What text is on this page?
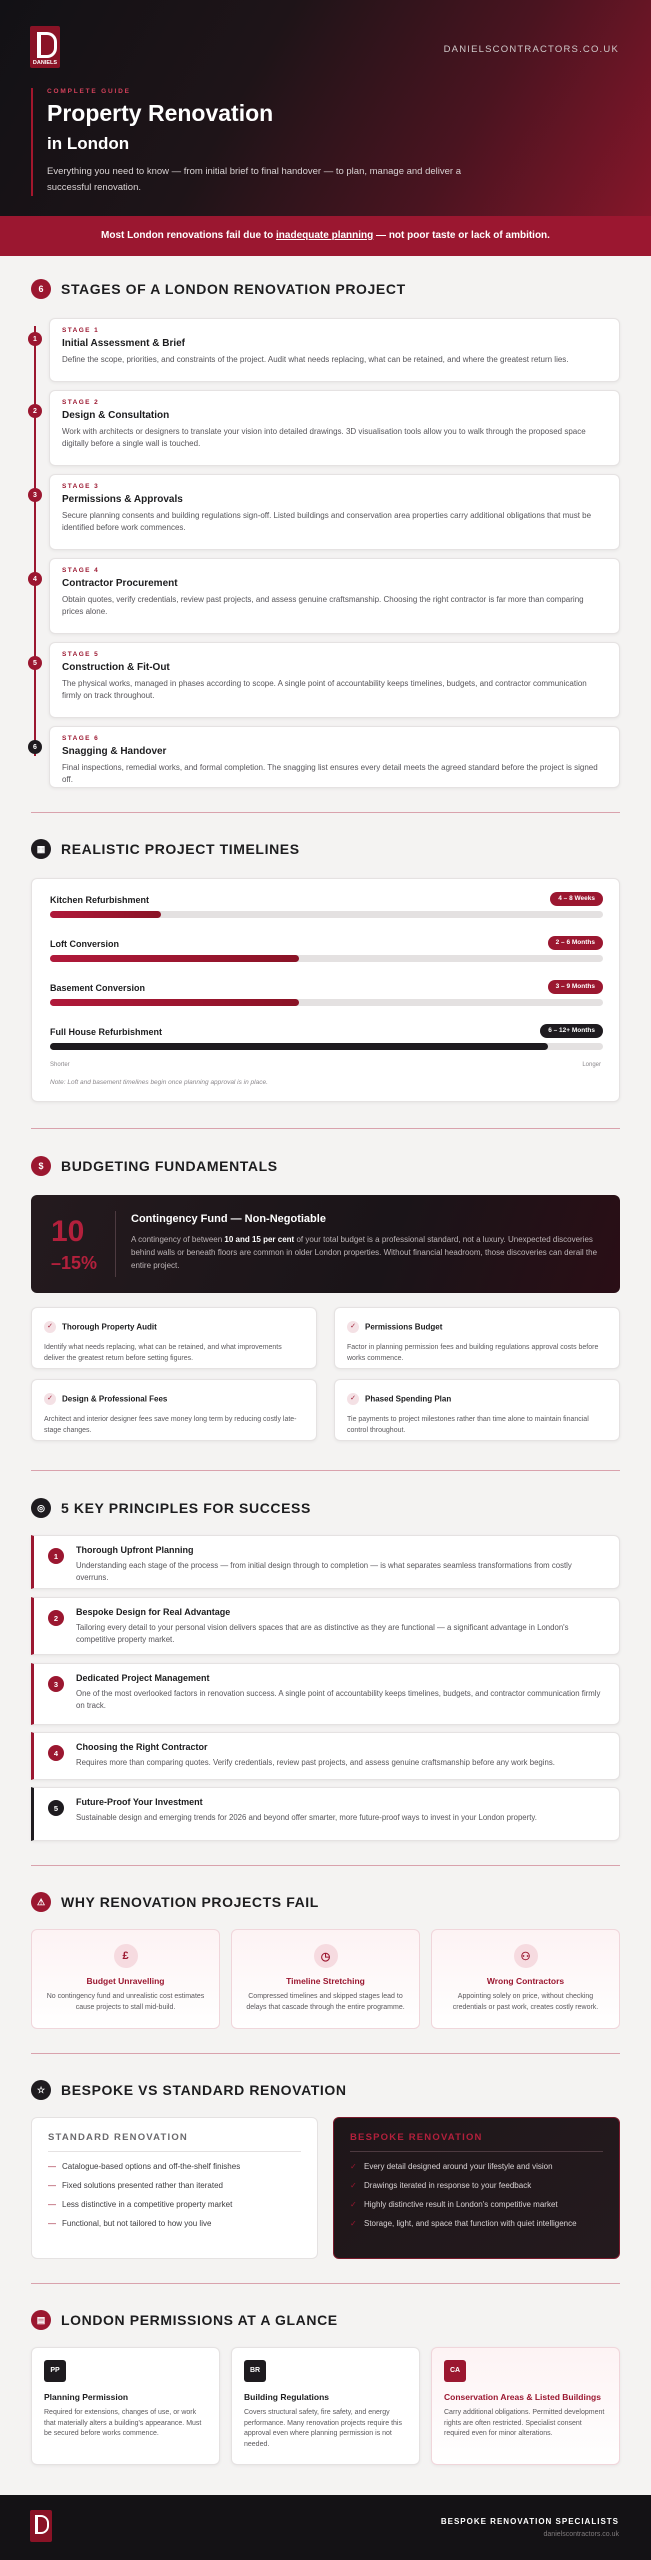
DANIELS
DANIELSCONTRACTORS.CO.UK
COMPLETE GUIDE
Property Renovation
in London
Everything you need to know — from initial brief to final handover — to plan, manage and deliver a successful renovation.
Most London renovations fail due to inadequate planning — not poor taste or lack of ambition.
6	STAGES OF A LONDON RENOVATION PROJECT
1
STAGE 1
Initial Assessment & Brief
Define the scope, priorities, and constraints of the project. Audit what needs replacing, what can be retained, and where the greatest return lies.
2
STAGE 2
Design & Consultation
Work with architects or designers to translate your vision into detailed drawings. 3D visualisation tools allow you to walk through the proposed space digitally before a single wall is touched.
3
STAGE 3
Permissions & Approvals
Secure planning consents and building regulations sign-off. Listed buildings and conservation area properties carry additional obligations that must be identified before work commences.
4
STAGE 4
Contractor Procurement
Obtain quotes, verify credentials, review past projects, and assess genuine craftsmanship. Choosing the right contractor is far more than comparing prices alone.
5
STAGE 5
Construction & Fit-Out
The physical works, managed in phases according to scope. A single point of accountability keeps timelines, budgets, and contractor communication firmly on track throughout.
6
STAGE 6
Snagging & Handover
Final inspections, remedial works, and formal completion. The snagging list ensures every detail meets the agreed standard before the project is signed off.
▦	REALISTIC PROJECT TIMELINES
Shorter	Longer
Note: Loft and basement timelines begin once planning approval is in place.
Kitchen Refurbishment	4 – 8 Weeks
Loft Conversion	2 – 6 Months
Basement Conversion	3 – 9 Months
Full House Refurbishment	6 – 12+ Months
$	BUDGETING FUNDAMENTALS
10
–15%
Contingency Fund — Non-Negotiable
A contingency of between 10 and 15 per cent of your total budget is a professional standard, not a luxury. Unexpected discoveries behind walls or beneath floors are common in older London properties. Without financial headroom, those discoveries can derail the entire project.
✓ Thorough Property Audit
Identify what needs replacing, what can be retained, and what improvements deliver the greatest return before setting figures.
✓ Permissions Budget
Factor in planning permission fees and building regulations approval costs before works commence.
✓ Design & Professional Fees
Architect and interior designer fees save money long term by reducing costly late-stage changes.
✓ Phased Spending Plan
Tie payments to project milestones rather than time alone to maintain financial control throughout.
◎	5 KEY PRINCIPLES FOR SUCCESS
1
Thorough Upfront Planning
Understanding each stage of the process — from initial design through to completion — is what separates seamless transformations from costly overruns.
2
Bespoke Design for Real Advantage
Tailoring every detail to your personal vision delivers spaces that are as distinctive as they are functional — a significant advantage in London's competitive property market.
3
Dedicated Project Management
One of the most overlooked factors in renovation success. A single point of accountability keeps timelines, budgets, and contractor communication firmly on track.
4
Choosing the Right Contractor
Requires more than comparing quotes. Verify credentials, review past projects, and assess genuine craftsmanship before any work begins.
5
Future-Proof Your Investment
Sustainable design and emerging trends for 2026 and beyond offer smarter, more future-proof ways to invest in your London property.
⚠	WHY RENOVATION PROJECTS FAIL
£
Budget Unravelling
No contingency fund and unrealistic cost estimates cause projects to stall mid-build.
◷
Timeline Stretching
Compressed timelines and skipped stages lead to delays that cascade through the entire programme.
⚇
Wrong Contractors
Appointing solely on price, without checking credentials or past work, creates costly rework.
☆	BESPOKE VS STANDARD RENOVATION
STANDARD RENOVATION
— Catalogue-based options and off-the-shelf finishes
— Fixed solutions presented rather than iterated
— Less distinctive in a competitive property market
— Functional, but not tailored to how you live
BESPOKE RENOVATION
✓ Every detail designed around your lifestyle and vision
✓ Drawings iterated in response to your feedback
✓ Highly distinctive result in London's competitive market
✓ Storage, light, and space that function with quiet intelligence
▤	LONDON PERMISSIONS AT A GLANCE
PP
Planning Permission
Required for extensions, changes of use, or work that materially alters a building's appearance. Must be secured before works commence.
BR
Building Regulations
Covers structural safety, fire safety, and energy performance. Many renovation projects require this approval even where planning permission is not needed.
CA
Conservation Areas & Listed Buildings
Carry additional obligations. Permitted development rights are often restricted. Specialist consent required even for minor alterations.
BESPOKE RENOVATION SPECIALISTS
danielscontractors.co.uk
